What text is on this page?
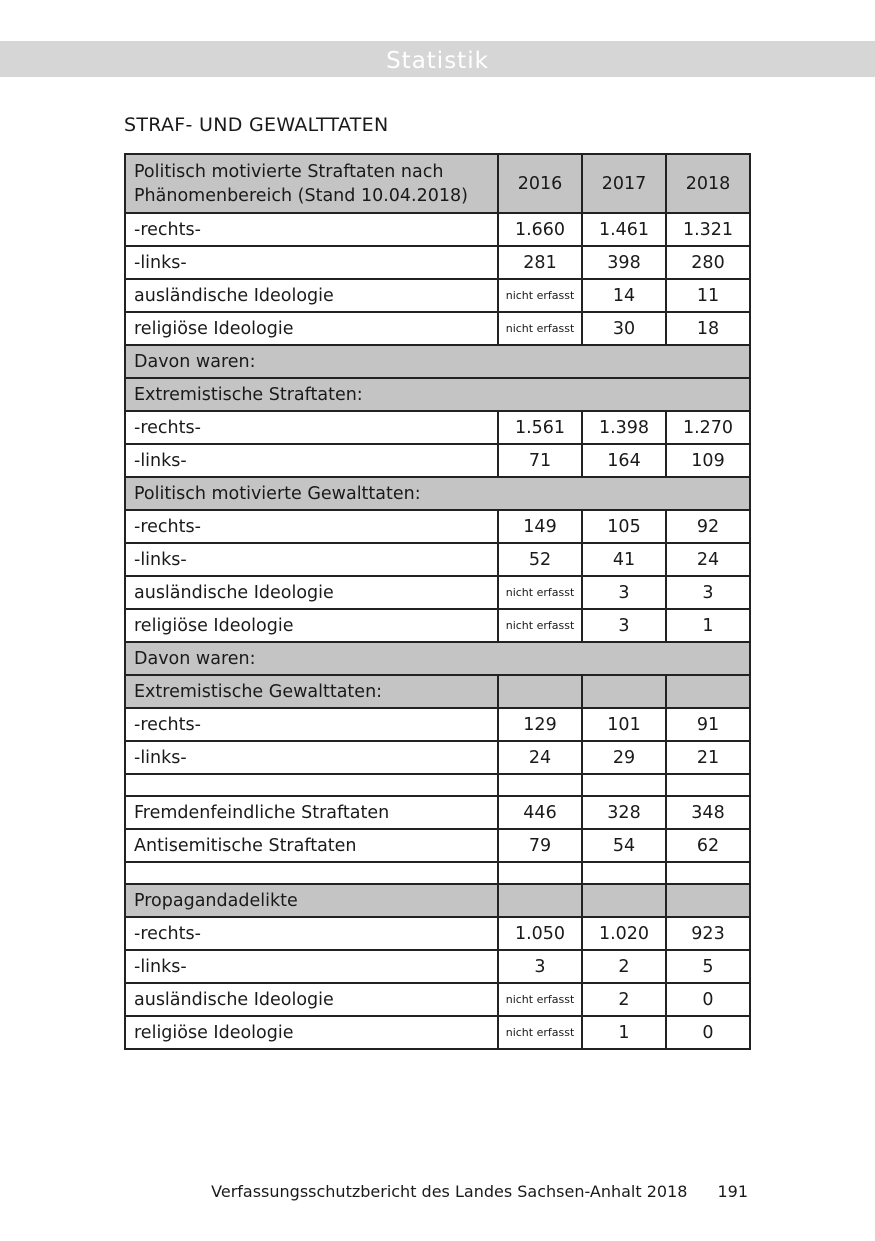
Statistik
STRAF- UND GEWALTTATEN
Politisch motivierte Straftaten nach Phänomenbereich (Stand 10.04.2018)	2016	2017	2018
-rechts-	1.660	1.461	1.321
-links-	281	398	280
ausländische Ideologie	nicht erfasst	14	11
religiöse Ideologie	nicht erfasst	30	18
Davon waren:			
Extremistische Straftaten:			
-rechts-	1.561	1.398	1.270
-links-	71	164	109
Politisch motivierte Gewalttaten:			
-rechts-	149	105	92
-links-	52	41	24
ausländische Ideologie	nicht erfasst	3	3
religiöse Ideologie	nicht erfasst	3	1
Davon waren:			
Extremistische Gewalttaten:			
-rechts-	129	101	91
-links-	24	29	21

Fremdenfeindliche Straftaten	446	328	348
Antisemitische Straftaten	79	54	62

Propagandadelikte			
-rechts-	1.050	1.020	923
-links-	3	2	5
ausländische Ideologie	nicht erfasst	2	0
religiöse Ideologie	nicht erfasst	1	0
Verfassungsschutzbericht des Landes Sachsen-Anhalt 2018 191
